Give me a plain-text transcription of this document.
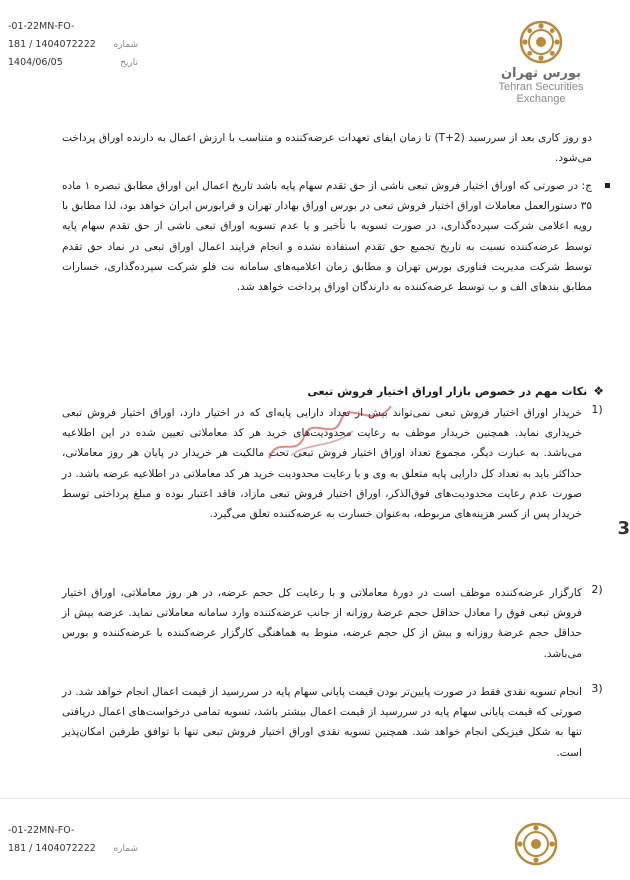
-01-22MN-FO-
181 / 1404072222 شماره
1404/06/05	تاریخ
بورس تهران
Tehran Securities
Exchange
دو روز کاری بعد از سررسید (T+2) تا زمان ایفای تعهدات عرضه‌کننده و متناسب با ارزش اعمال به دارنده اوراق پرداخت می‌شود.
ج: در صورتی که اوراق اختیار فروش تبعی ناشی از حق تقدم سهام پایه باشد تاریخ اعمال این اوراق مطابق تبصره ۱ ماده ۳۵ دستورالعمل معاملات اوراق اختیار فروش تبعی در بورس اوراق بهادار تهران و فرابورس ایران خواهد بود، لذا مطابق با رویه اعلامی شرکت سپرده‌گذاری، در صورت تسویه با تأخیر و یا عدم تسویه اوراق تبعی ناشی از حق تقدم سهام پایه توسط عرضه‌کننده نسبت به تاریخ تجمیع حق تقدم استفاده نشده و انجام فرایند اعمال اوراق تبعی در نماد حق تقدم توسط شرکت مدیریت فناوری بورس تهران و مطابق زمان اعلامیه‌های سامانه نت فلو شرکت سپرده‌گذاری، خسارات مطابق بندهای الف و ب توسط عرضه‌کننده به دارندگان اوراق پرداخت خواهد شد.
❖
نکات مهم در خصوص بازار اوراق اختیار فروش تبعی
1)
خریدار اوراق اختیار فروش تبعی نمی‌تواند بیش از تعداد دارایی پایه‌ای که در اختیار دارد، اوراق اختیار فروش تبعی خریداری نماید. همچنین خریدار موظف به رعایت محدودیت‌های خرید هر کد معاملاتی تعیین شده در این اطلاعیه می‌باشد. به عبارت دیگر، مجموع تعداد اوراق اختیار فروش تبعی تحت مالکیت هر خریدار در پایان هر روز معاملاتی، حداکثر باید به تعداد کل دارایی پایه متعلق به وی و با رعایت محدودیت خرید هر کد معاملاتی در اطلاعیه عرضه باشد. در صورت عدم رعایت محدودیت‌های فوق‌الذکر، اوراق اختیار فروش تبعی مازاد، فاقد اعتبار بوده و مبلغ پرداختی توسط خریدار پس از کسر هزینه‌های مربوطه، به‌عنوان خسارت به عرضه‌کننده تعلق می‌گیرد.
2)
کارگزار عرضه‌کننده موظف است در دورهٔ معاملاتی و با رعایت کل حجم عرضه، در هر روز معاملاتی، اوراق اختیار فروش تبعی فوق را معادل حداقل حجم عرضهٔ روزانه از جانب عرضه‌کننده وارد سامانه معاملاتی نماید. عرضه بیش از حداقل حجم عرضهٔ روزانه و بیش از کل حجم عرضه، منوط به هماهنگی کارگزار عرضه‌کننده با عرضه‌کننده و بورس می‌باشد.
3)
انجام تسویه نقدی فقط در صورت پایین‌تر بودن قیمت پایانی سهام پایه در سررسید از قیمت اعمال انجام خواهد شد. در صورتی که قیمت پایانی سهام پایه در سررسید از قیمت اعمال بیشتر باشد، تسویه تمامی درخواست‌های اعمال دریافتی تنها به شکل فیزیکی انجام خواهد شد. همچنین تسویه نقدی اوراق اختیار فروش تبعی تنها با توافق طرفین امکان‌پذیر است.
3
-01-22MN-FO-
181 / 1404072222 شماره
